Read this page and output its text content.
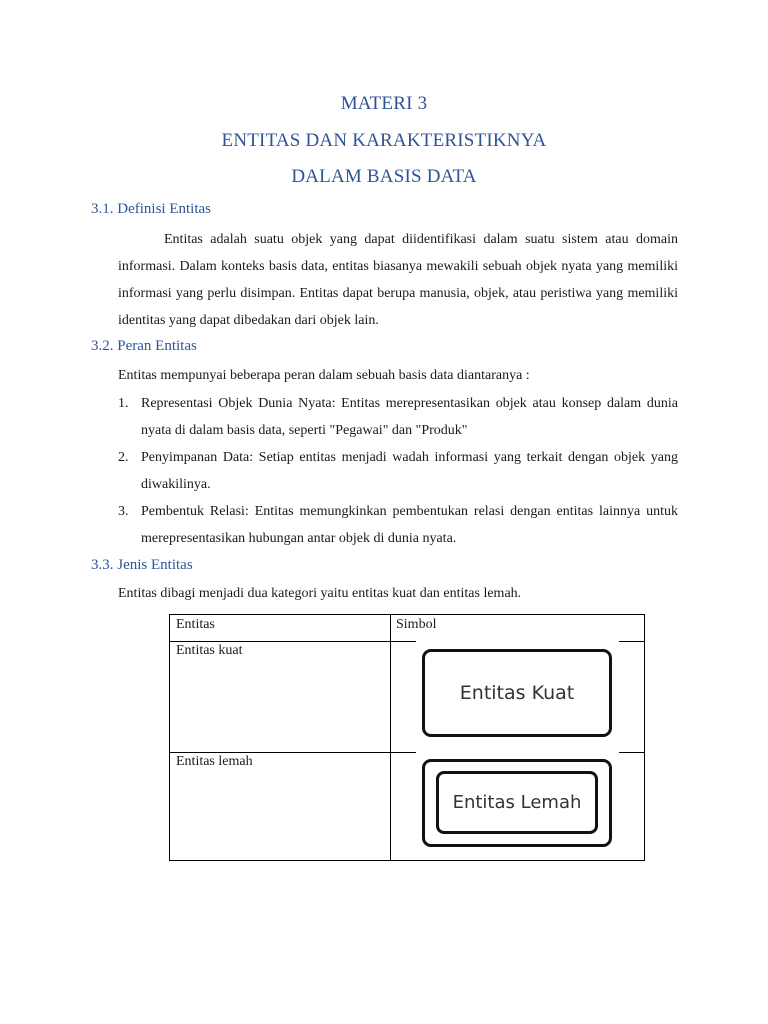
MATERI 3
ENTITAS DAN KARAKTERISTIKNYA
DALAM BASIS DATA
3.1. Definisi Entitas
Entitas adalah suatu objek yang dapat diidentifikasi dalam suatu sistem atau domain informasi. Dalam konteks basis data, entitas biasanya mewakili sebuah objek nyata yang memiliki informasi yang perlu disimpan. Entitas dapat berupa manusia, objek, atau peristiwa yang memiliki identitas yang dapat dibedakan dari objek lain.
3.2. Peran Entitas
Entitas mempunyai beberapa peran dalam sebuah basis data diantaranya :
1. Representasi Objek Dunia Nyata: Entitas merepresentasikan objek atau konsep dalam dunia nyata di dalam basis data, seperti "Pegawai" dan "Produk"
2. Penyimpanan Data: Setiap entitas menjadi wadah informasi yang terkait dengan objek yang diwakilinya.
3. Pembentuk Relasi: Entitas memungkinkan pembentukan relasi dengan entitas lainnya untuk merepresentasikan hubungan antar objek di dunia nyata.
3.3. Jenis Entitas
Entitas dibagi menjadi dua kategori yaitu entitas kuat dan entitas lemah.
Entitas	Simbol
Entitas kuat
Entitas Kuat
Entitas lemah
Entitas Lemah
